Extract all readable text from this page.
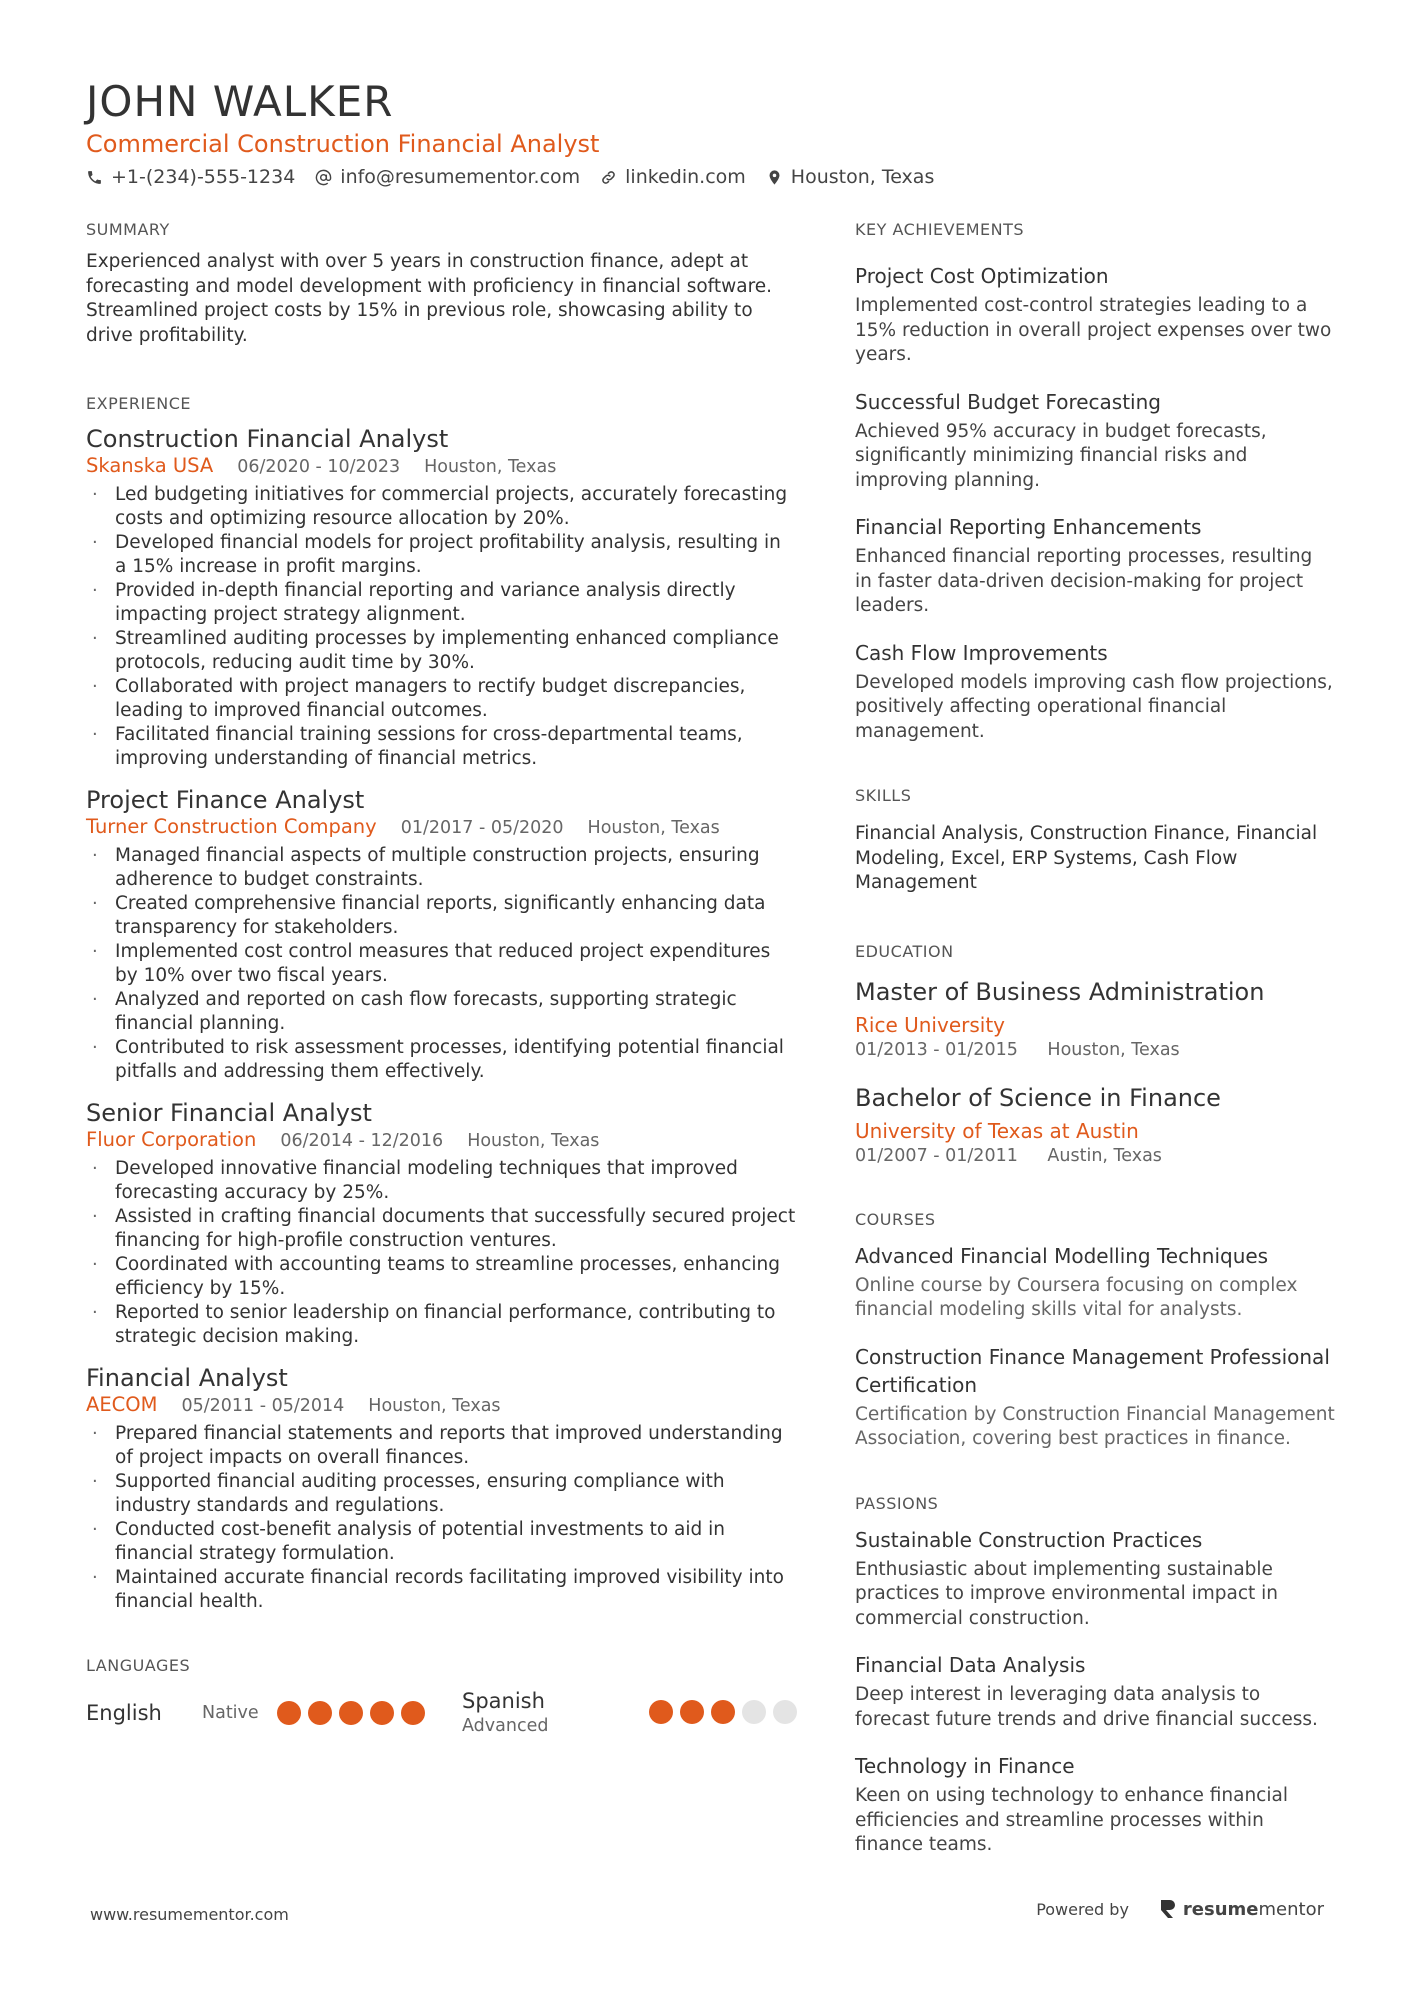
JOHN WALKER
Commercial Construction Financial Analyst
+1-(234)-555-1234 info@resumementor.com linkedin.com Houston, Texas
SUMMARY
Experienced analyst with over 5 years in construction finance, adept at forecasting and model development with proficiency in financial software. Streamlined project costs by 15% in previous role, showcasing ability to drive profitability.
EXPERIENCE
Construction Financial Analyst
Skanska USA 06/2020 - 10/2023 Houston, Texas
· Led budgeting initiatives for commercial projects, accurately forecasting costs and optimizing resource allocation by 20%.
· Developed financial models for project profitability analysis, resulting in a 15% increase in profit margins.
· Provided in-depth financial reporting and variance analysis directly impacting project strategy alignment.
· Streamlined auditing processes by implementing enhanced compliance protocols, reducing audit time by 30%.
· Collaborated with project managers to rectify budget discrepancies, leading to improved financial outcomes.
· Facilitated financial training sessions for cross-departmental teams, improving understanding of financial metrics.
Project Finance Analyst
Turner Construction Company 01/2017 - 05/2020 Houston, Texas
· Managed financial aspects of multiple construction projects, ensuring adherence to budget constraints.
· Created comprehensive financial reports, significantly enhancing data transparency for stakeholders.
· Implemented cost control measures that reduced project expenditures by 10% over two fiscal years.
· Analyzed and reported on cash flow forecasts, supporting strategic financial planning.
· Contributed to risk assessment processes, identifying potential financial pitfalls and addressing them effectively.
Senior Financial Analyst
Fluor Corporation 06/2014 - 12/2016 Houston, Texas
· Developed innovative financial modeling techniques that improved forecasting accuracy by 25%.
· Assisted in crafting financial documents that successfully secured project financing for high-profile construction ventures.
· Coordinated with accounting teams to streamline processes, enhancing efficiency by 15%.
· Reported to senior leadership on financial performance, contributing to strategic decision making.
Financial Analyst
AECOM 05/2011 - 05/2014 Houston, Texas
· Prepared financial statements and reports that improved understanding of project impacts on overall finances.
· Supported financial auditing processes, ensuring compliance with industry standards and regulations.
· Conducted cost-benefit analysis of potential investments to aid in financial strategy formulation.
· Maintained accurate financial records facilitating improved visibility into financial health.
LANGUAGES
English	Native	Spanish
Advanced
KEY ACHIEVEMENTS
Project Cost Optimization
Implemented cost-control strategies leading to a 15% reduction in overall project expenses over two years.
Successful Budget Forecasting
Achieved 95% accuracy in budget forecasts, significantly minimizing financial risks and improving planning.
Financial Reporting Enhancements
Enhanced financial reporting processes, resulting in faster data-driven decision-making for project leaders.
Cash Flow Improvements
Developed models improving cash flow projections, positively affecting operational financial management.
SKILLS
Financial Analysis, Construction Finance, Financial Modeling, Excel, ERP Systems, Cash Flow Management
EDUCATION
Master of Business Administration
Rice University
01/2013 - 01/2015 Houston, Texas
Bachelor of Science in Finance
University of Texas at Austin
01/2007 - 01/2011 Austin, Texas
COURSES
Advanced Financial Modelling Techniques
Online course by Coursera focusing on complex financial modeling skills vital for analysts.
Construction Finance Management Professional Certification
Certification by Construction Financial Management Association, covering best practices in finance.
PASSIONS
Sustainable Construction Practices
Enthusiastic about implementing sustainable practices to improve environmental impact in commercial construction.
Financial Data Analysis
Deep interest in leveraging data analysis to forecast future trends and drive financial success.
Technology in Finance
Keen on using technology to enhance financial efficiencies and streamline processes within finance teams.
www.resumementor.com	Powered by	resume mentor
